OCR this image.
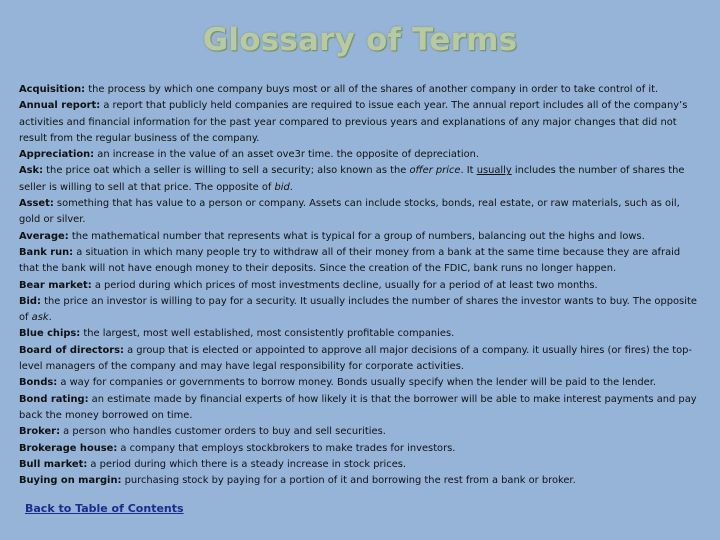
Glossary of Terms

Acquisition : the process by which one company buys most or all of the shares of another company in order to take control of it.

Annual report : a report that publicly held companies are required to issue each year. The annual report includes all of the company’s activities and financial information for the past year compared to previous years and explanations of any major changes that did not result from the regular business of the company.

Appreciation : an increase in the value of an asset ove3r time. the opposite of depreciation.

Ask : the price oat which a seller is willing to sell a security; also known as the offer price. It usually includes the number of shares the seller is willing to sell at that price. The opposite of bid.

Asset : something that has value to a person or company. Assets can include stocks, bonds, real estate, or raw materials, such as oil, gold or silver.

Average : the mathematical number that represents what is typical for a group of numbers, balancing out the highs and lows.

Bank run : a situation in which many people try to withdraw all of their money from a bank at the same time because they are afraid that the bank will not have enough money to their deposits. Since the creation of the FDIC, bank runs no longer happen.

Bear market : a period during which prices of most investments decline, usually for a period of at least two months.

Bid : the price an investor is willing to pay for a security. It usually includes the number of shares the investor wants to buy. The opposite of ask.

Blue chips : the largest, most well established, most consistently profitable companies.

Board of directors : a group that is elected or appointed to approve all major decisions of a company. it usually hires (or fires) the top-level managers of the company and may have legal responsibility for corporate activities.

Bonds : a way for companies or governments to borrow money. Bonds usually specify when the lender will be paid to the lender.

Bond rating : an estimate made by financial experts of how likely it is that the borrower will be able to make interest payments and pay back the money borrowed on time.

Broker : a person who handles customer orders to buy and sell securities.

Brokerage house : a company that employs stockbrokers to make trades for investors.

Bull market : a period during which there is a steady increase in stock prices.

Buying on margin : purchasing stock by paying for a portion of it and borrowing the rest from a bank or broker.

Back to Table of Contents
